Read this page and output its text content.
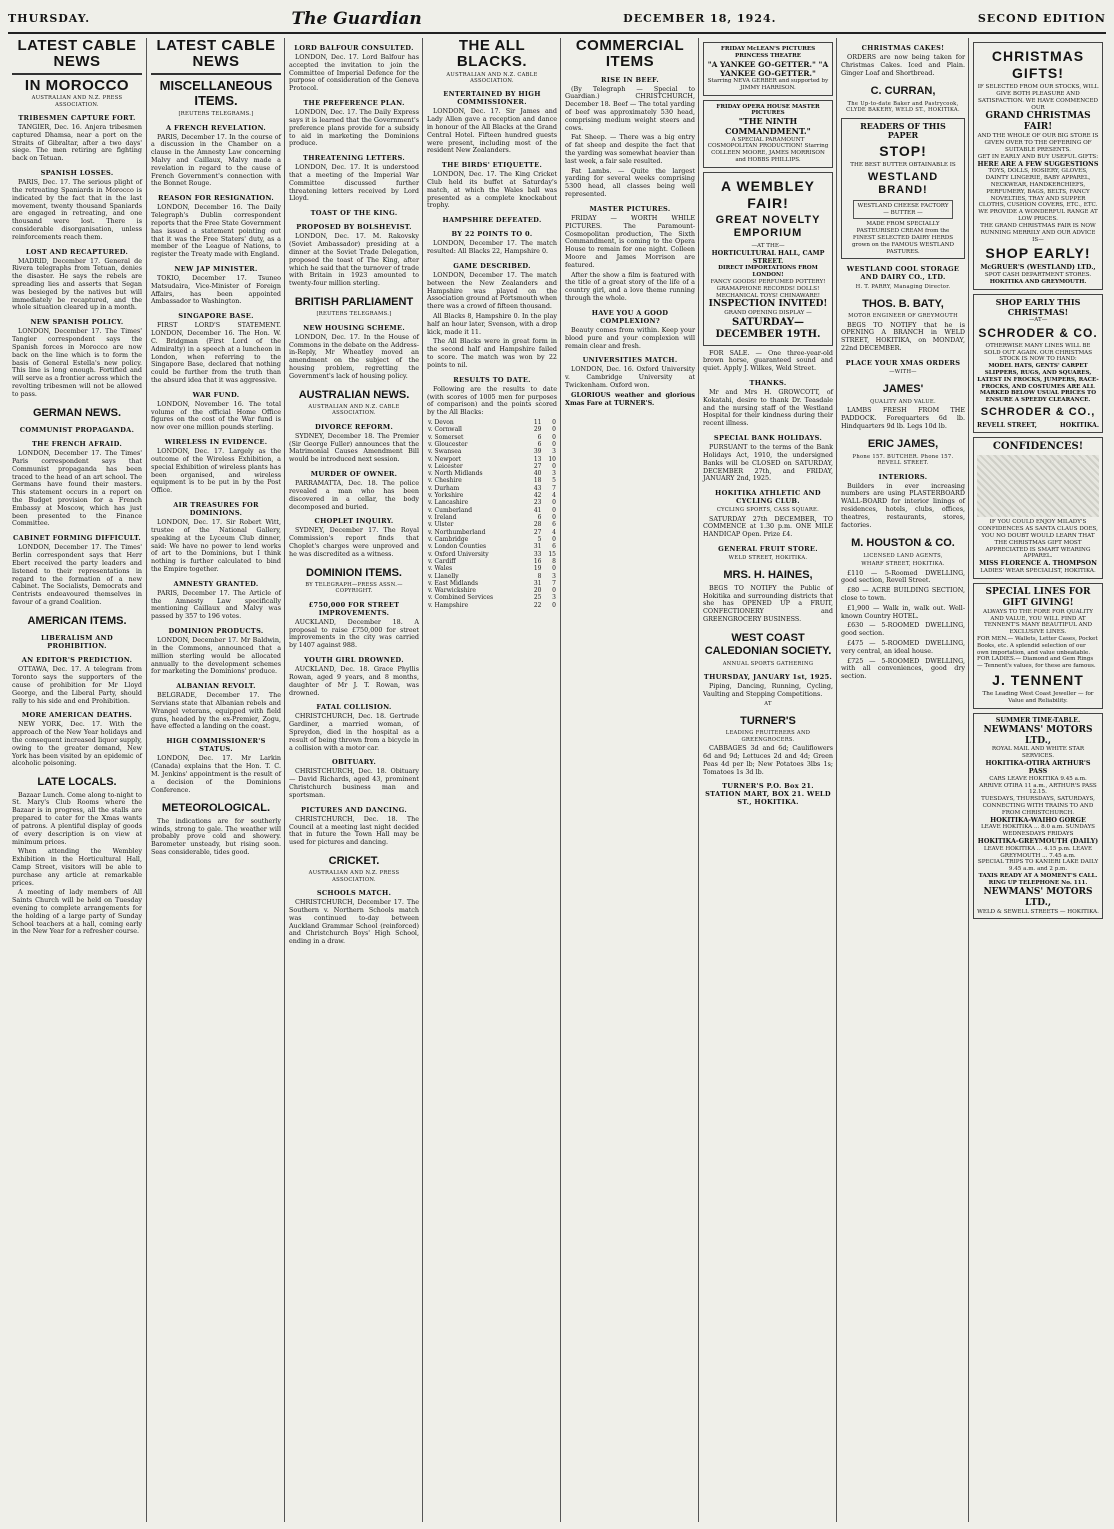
THURSDAY.	The Guardian	DECEMBER 18, 1924.	SECOND EDITION
LATEST CABLE NEWS
IN MOROCCO
AUSTRALIAN AND N.Z. PRESS ASSOCIATION.
TRIBESMEN CAPTURE FORT.

TANGIER, Dec. 16. Anjera tribesmen captured Dhamsa, near a port on the Straits of Gibraltar, after a two days' siege. The men retiring are fighting back on Tetuan.

SPANISH LOSSES.

PARIS, Dec. 17. The serious plight of the retreating Spaniards in Morocco is indicated by the fact that in the last movement, twenty thousand Spaniards are engaged in retreating, and one thousand were lost. There is considerable disorganisation, unless reinforcements reach them.

LOST AND RECAPTURED.

MADRID, December 17. General de Rivera telegraphs from Tetuan, denies the disaster. He says the rebels are spreading lies and asserts that Segan was besieged by the natives but will immediately be recaptured, and the whole situation cleared up in a month.

NEW SPANISH POLICY.

LONDON, December 17. The Times' Tangier correspondent says the Spanish forces in Morocco are now back on the line which is to form the basis of General Estella's new policy. This line is long enough. Fortified and will serve as a frontier across which the revolting tribesmen will not be allowed to pass.

GERMAN NEWS.
COMMUNIST PROPAGANDA.
THE FRENCH AFRAID.

LONDON, December 17. The Times' Paris correspondent says that Communist propaganda has been traced to the head of an art school. The Germans have found their masters. This statement occurs in a report on the Budget provision for a French Embassy at Moscow, which has just been presented to the Finance Committee.

CABINET FORMING DIFFICULT.

LONDON, December 17. The Times' Berlin correspondent says that Herr Ebert received the party leaders and listened to their representations in regard to the formation of a new Cabinet. The Socialists, Democrats and Centrists endeavoured themselves in favour of a grand Coalition.

AMERICAN ITEMS.
LIBERALISM AND PROHIBITION.
AN EDITOR'S PREDICTION.

OTTAWA, Dec. 17. A telegram from Toronto says the supporters of the cause of prohibition for Mr Lloyd George, and the Liberal Party, should rally to his side and end Prohibition.

MORE AMERICAN DEATHS.

NEW YORK, Dec. 17. With the approach of the New Year holidays and the consequent increased liquor supply, owing to the greater demand, New York has been visited by an epidemic of alcoholic poisoning.

LATE LOCALS.

Bazaar Lunch. Come along to-night to St. Mary's Club Rooms where the Bazaar is in progress, all the stalls are prepared to cater for the Xmas wants of patrons. A plentiful display of goods of every description is on view at minimum prices.

When attending the Wembley Exhibition in the Horticultural Hall, Camp Street, visitors will be able to purchase any article at remarkable prices.

A meeting of lady members of All Saints Church will be held on Tuesday evening to complete arrangements for the holding of a large party of Sunday School teachers at a hall, coming early in the New Year for a refresher course.

LATEST CABLE NEWS
MISCELLANEOUS ITEMS.
[REUTERS TELEGRAMS.]
A FRENCH REVELATION.

PARIS, December 17. In the course of a discussion in the Chamber on a clause in the Amnesty Law concerning Malvy and Caillaux, Malvy made a revelation in regard to the cause of French Government's connection with the Bonnet Rouge.

REASON FOR RESIGNATION.

LONDON, December 16. The Daily Telegraph's Dublin correspondent reports that the Free State Government has issued a statement pointing out that it was the Free Staters' duty, as a member of the League of Nations, to register the Treaty made with England.

NEW JAP MINISTER.

TOKIO, December 17. Tsuneo Matsudaira, Vice-Minister of Foreign Affairs, has been appointed Ambassador to Washington.

SINGAPORE BASE.

FIRST LORD'S STATEMENT. LONDON, December 16. The Hon. W. C. Bridgman (First Lord of the Admiralty) in a speech at a luncheon in London, when referring to the Singapore Base, declared that nothing could be further from the truth than the absurd idea that it was aggressive.

WAR FUND.

LONDON, November 16. The total volume of the official Home Office figures on the cost of the War fund is now over one million pounds sterling.

WIRELESS IN EVIDENCE.

LONDON, Dec. 17. Largely as the outcome of the Wireless Exhibition, a special Exhibition of wireless plants has been organised, and wireless equipment is to be put in by the Post Office.

AIR TREASURES FOR DOMINIONS.

LONDON, Dec. 17. Sir Robert Witt, trustee of the National Gallery, speaking at the Lyceum Club dinner, said: We have no power to lend works of art to the Dominions, but I think nothing is further calculated to bind the Empire together.

AMNESTY GRANTED.

PARIS, December 17. The Article of the Amnesty Law specifically mentioning Caillaux and Malvy was passed by 357 to 196 votes.

DOMINION PRODUCTS.

LONDON, December 17. Mr Baldwin, in the Commons, announced that a million sterling would be allocated annually to the development schemes for marketing the Dominions' produce.

ALBANIAN REVOLT.

BELGRADE, December 17. The Servians state that Albanian rebels and Wrangel veterans, equipped with field guns, headed by the ex-Premier, Zogu, have effected a landing on the coast.

HIGH COMMISSIONER'S STATUS.

LONDON, Dec. 17. Mr Larkin (Canada) explains that the Hon. T. C. M. Jenkins' appointment is the result of a decision of the Dominions Conference.

METEOROLOGICAL.

The indications are for southerly winds, strong to gale. The weather will probably prove cold and showery. Barometer unsteady, but rising soon. Seas considerable, tides good.

LORD BALFOUR CONSULTED.

LONDON, Dec. 17. Lord Balfour has accepted the invitation to join the Committee of Imperial Defence for the purpose of consideration of the Geneva Protocol.

THE PREFERENCE PLAN.

LONDON, Dec. 17. The Daily Express says it is learned that the Government's preference plans provide for a subsidy to aid in marketing the Dominions produce.

THREATENING LETTERS.

LONDON, Dec. 17. It is understood that a meeting of the Imperial War Committee discussed further threatening letters received by Lord Lloyd.

TOAST OF THE KING.
PROPOSED BY BOLSHEVIST.

LONDON, Dec. 17. M. Rakovsky (Soviet Ambassador) presiding at a dinner at the Soviet Trade Delegation, proposed the toast of The King, after which he said that the turnover of trade with Britain in 1923 amounted to twenty-four million sterling.

BRITISH PARLIAMENT
[REUTERS TELEGRAMS.]
NEW HOUSING SCHEME.

LONDON, Dec. 17. In the House of Commons in the debate on the Address-in-Reply, Mr Wheatley moved an amendment on the subject of the housing problem, regretting the Government's lack of housing policy.

AUSTRALIAN NEWS.
AUSTRALIAN AND N.Z. CABLE ASSOCIATION.
DIVORCE REFORM.

SYDNEY, December 18. The Premier (Sir George Fuller) announces that the Matrimonial Causes Amendment Bill would be introduced next session.

MURDER OF OWNER.

PARRAMATTA, Dec. 18. The police revealed a man who has been discovered in a cellar, the body decomposed and buried.

CHOPLET INQUIRY.

SYDNEY, December 17. The Royal Commission's report finds that Choplet's charges were unproved and he was discredited as a witness.

DOMINION ITEMS.
BY TELEGRAPH—PRESS ASSN.—COPYRIGHT.
£750,000 FOR STREET IMPROVEMENTS.

AUCKLAND, December 18. A proposal to raise £750,000 for street improvements in the city was carried by 1407 against 988.

YOUTH GIRL DROWNED.

AUCKLAND, Dec. 18. Grace Phyllis Rowan, aged 9 years, and 8 months, daughter of Mr J. T. Rowan, was drowned.

FATAL COLLISION.

CHRISTCHURCH, Dec. 18. Gertrude Gardiner, a married woman, of Spreydon, died in the hospital as a result of being thrown from a bicycle in a collision with a motor car.

OBITUARY.

CHRISTCHURCH, Dec. 18. Obituary — David Richards, aged 43, prominent Christchurch business man and sportsman.

PICTURES AND DANCING.

CHRISTCHURCH, Dec. 18. The Council at a meeting last night decided that in future the Town Hall may be used for pictures and dancing.

CRICKET.
AUSTRALIAN AND N.Z. PRESS ASSOCIATION.
SCHOOLS MATCH.

CHRISTCHURCH, December 17. The Southern v. Northern Schools match was continued to-day between Auckland Grammar School (reinforced) and Christchurch Boys' High School, ending in a draw.

THE ALL BLACKS.
AUSTRALIAN AND N.Z. CABLE ASSOCIATION.
ENTERTAINED BY HIGH COMMISSIONER.

LONDON, Dec. 17. Sir James and Lady Allen gave a reception and dance in honour of the All Blacks at the Grand Central Hotel. Fifteen hundred guests were present, including most of the resident New Zealanders.

THE BIRDS' ETIQUETTE.

LONDON, Dec. 17. The King Cricket Club held its buffet at Saturday's match, at which the Wales ball was presented as a complete knockabout trophy.

HAMPSHIRE DEFEATED.
BY 22 POINTS TO 0.

LONDON, December 17. The match resulted: All Blacks 22, Hampshire 0.

GAME DESCRIBED.

LONDON, December 17. The match between the New Zealanders and Hampshire was played on the Association ground at Portsmouth when there was a crowd of fifteen thousand.

All Blacks 8, Hampshire 0. In the play half an hour later, Svenson, with a drop kick, made it 11.

The All Blacks were in great form in the second half and Hampshire failed to score. The match was won by 22 points to nil.

RESULTS TO DATE.

Following are the results to date (with scores of 1005 men for purposes of comparison) and the points scored by the All Blacks:

v. Devon	11	0
v. Cornwall	29	0
v. Somerset	6	0
v. Gloucester	6	0
v. Swansea	39	3
v. Newport	13	10
v. Leicester	27	0
v. North Midlands	40	3
v. Cheshire	18	5
v. Durham	43	7
v. Yorkshire	42	4
v. Lancashire	23	0
v. Cumberland	41	0
v. Ireland	6	0
v. Ulster	28	6
v. Northumberland	27	4
v. Cambridge	5	0
v. London Counties	31	6
v. Oxford University	33	15
v. Cardiff	16	8
v. Wales	19	0
v. Llanelly	8	3
v. East Midlands	31	7
v. Warwickshire	20	0
v. Combined Services	25	3
v. Hampshire	22	0
COMMERCIAL ITEMS
RISE IN BEEF.

(By Telegraph — Special to Guardian.) CHRISTCHURCH, December 18. Beef — The total yarding of beef was approximately 530 head, comprising medium weight steers and cows.

Fat Sheep. — There was a big entry of fat sheep and despite the fact that the yarding was somewhat heavier than last week, a fair sale resulted.

Fat Lambs. — Quite the largest yarding for several weeks comprising 5300 head, all classes being well represented.

MASTER PICTURES.

FRIDAY — WORTH WHILE PICTURES. The Paramount-Cosmopolitan production, The Sixth Commandment, is coming to the Opera House to remain for one night. Colleen Moore and James Morrison are featured.

After the show a film is featured with the title of a great story of the life of a country girl, and a love theme running through the whole.

HAVE YOU A GOOD COMPLEXION?

Beauty comes from within. Keep your blood pure and your complexion will remain clear and fresh.

UNIVERSITIES MATCH.

LONDON, Dec. 16. Oxford University v. Cambridge University at Twickenham. Oxford won.

GLORIOUS weather and glorious Xmas Fare at TURNER'S.

FRIDAY McLEAN'S PICTURES PRINCESS THEATRE
"A YANKEE GO-GETTER." "A YANKEE GO-GETTER."
Starring NEVA GERBER and supported by JIMMY HARRISON.
FRIDAY OPERA HOUSE MASTER PICTURES
"THE NINTH COMMANDMENT."
A SPECIAL PARAMOUNT COSMOPOLITAN PRODUCTION! Starring COLLEEN MOORE, JAMES MORRISON and HOBBS PHILLIPS.
A WEMBLEY FAIR!
GREAT NOVELTY EMPORIUM
—AT THE—
HORTICULTURAL HALL, CAMP STREET.
DIRECT IMPORTATIONS FROM LONDON!
FANCY GOODS! PERFUMED POTTERY! GRAMAPHONE RECORDS! DOLLS! MECHANICAL TOYS! CHINAWARE!
INSPECTION INVITED!
GRAND OPENING DISPLAY —
SATURDAY—DECEMBER 19TH.

FOR SALE. — One three-year-old brown horse, guaranteed sound and quiet. Apply J. Wilkes, Weld Street.

THANKS.

Mr and Mrs H. GROWCOTT, of Kokatahi, desire to thank Dr. Teasdale and the nursing staff of the Westland Hospital for their kindness during their recent illness.

SPECIAL BANK HOLIDAYS.

PURSUANT to the terms of the Bank Holidays Act, 1910, the undersigned Banks will be CLOSED on SATURDAY, DECEMBER 27th, and FRIDAY, JANUARY 2nd, 1925.

HOKITIKA ATHLETIC AND CYCLING CLUB.
CYCLING SPORTS, CASS SQUARE.

SATURDAY 27th DECEMBER, TO COMMENCE at 1.30 p.m. ONE MILE HANDICAP Open. Prize £4.

GENERAL FRUIT STORE.
WELD STREET, HOKITIKA.
MRS. H. HAINES,

BEGS TO NOTIFY the Public of Hokitika and surrounding districts that she has OPENED UP a FRUIT, CONFECTIONERY and GREENGROCERY BUSINESS.

WEST COAST CALEDONIAN SOCIETY.
ANNUAL SPORTS GATHERING
THURSDAY, JANUARY 1st, 1925.

Piping, Dancing, Running, Cycling, Vaulting and Stepping Competitions.

AT
TURNER'S
LEADING FRUITERERS AND GREENGROCERS.

CABBAGES 3d and 6d; Cauliflowers 6d and 9d; Lettuces 2d and 4d; Green Peas 4d per lb; New Potatoes 3lbs 1s; Tomatoes 1s 3d lb.

TURNER'S P.O. Box 21. STATION MART, BOX 21. WELD ST., HOKITIKA.
CHRISTMAS CAKES!

ORDERS are now being taken for Christmas Cakes. Iced and Plain. Ginger Loaf and Shortbread.

C. CURRAN,
The Up-to-date Baker and Pastrycook, CLYDE BAKERY, WELD ST., HOKITIKA.
READERS OF THIS PAPER
STOP!
THE BEST BUTTER OBTAINABLE IS
WESTLAND BRAND!
WESTLAND CHEESE FACTORY — BUTTER —
MADE FROM SPECIALLY PASTEURISED CREAM from the FINEST SELECTED DAIRY HERDS grown on the FAMOUS WESTLAND PASTURES.
WESTLAND COOL STORAGE AND DAIRY CO., LTD.
H. T. PARRY, Managing Director.
THOS. B. BATY,
MOTOR ENGINEER OF GREYMOUTH

BEGS TO NOTIFY that he is OPENING A BRANCH in WELD STREET, HOKITIKA, on MONDAY, 22nd DECEMBER.

PLACE YOUR XMAS ORDERS
—WITH—
JAMES'
QUALITY AND VALUE.

LAMBS FRESH FROM THE PADDOCK. Forequarters 6d lb. Hindquarters 9d lb. Legs 10d lb.

ERIC JAMES,
Phone 157. BUTCHER. Phone 157. REVELL STREET.
INTERIORS.

Builders in ever increasing numbers are using PLASTERBOARD WALL-BOARD for interior linings of residences, hotels, clubs, offices, theatres, restaurants, stores, factories.

M. HOUSTON & CO.
LICENSED LAND AGENTS,
WHARF STREET, HOKITIKA.

£110 — 5-Roomed DWELLING, good section, Revell Street.

£80 — ACRE BUILDING SECTION, close to town.

£1,900 — Walk in, walk out. Well-known Country HOTEL.

£630 — 5-ROOMED DWELLING, good section.

£475 — 5-ROOMED DWELLING, very central, an ideal house.

£725 — 5-ROOMED DWELLING, with all conveniences, good dry section.

CHRISTMAS GIFTS!
IF SELECTED FROM OUR STOCKS, WILL GIVE BOTH PLEASURE AND SATISFACTION. WE HAVE COMMENCED OUR
GRAND CHRISTMAS FAIR!
AND THE WHOLE OF OUR BIG STORE IS GIVEN OVER TO THE OFFERING OF SUITABLE PRESENTS.
GET IN EARLY AND BUY USEFUL GIFTS:
HERE ARE A FEW SUGGESTIONS
TOYS, DOLLS, HOSIERY, GLOVES, DAINTY LINGERIE, BABY APPAREL, NECKWEAR, HANDKERCHIEFS, PERFUMERY, BAGS, BELTS, FANCY NOVELTIES, TRAY AND SUPPER CLOTHS, CUSHION COVERS, ETC., ETC.
WE PROVIDE A WONDERFUL RANGE AT LOW PRICES.
THE GRAND CHRISTMAS FAIR IS NOW RUNNING MERRILY AND OUR ADVICE IS—
SHOP EARLY!
McGRUER'S (WESTLAND) LTD.,
SPOT CASH DEPARTMENT STORES.
HOKITIKA AND GREYMOUTH.
SHOP EARLY THIS CHRISTMAS!
—AT—
SCHRODER & CO.
OTHERWISE MANY LINES WILL BE SOLD OUT AGAIN. OUR CHRISTMAS STOCK IS NOW TO HAND:
MODEL HATS, GENTS' CARPET SLIPPERS, RUGS, AND SQUARES, LATEST IN FROCKS, JUMPERS, RACE-FROCKS, AND COSTUMES ARE ALL MARKED BELOW USUAL PRICES TO ENSURE A SPEEDY CLEARANCE.
SCHRODER & CO.,
REVELL STREET,	HOKITIKA.
CONFIDENCES!
IF YOU COULD ENJOY MILADY'S CONFIDENCES AS SANTA CLAUS DOES, YOU NO DOUBT WOULD LEARN THAT THE CHRISTMAS GIFT MOST APPRECIATED IS SMART WEARING APPAREL.
MISS FLORENCE A. THOMPSON
LADIES' WEAR SPECIALIST, HOKITIKA.
SPECIAL LINES FOR GIFT GIVING!
ALWAYS TO THE FORE FOR QUALITY AND VALUE, YOU WILL FIND AT TENNENT'S MANY BEAUTIFUL AND EXCLUSIVE LINES.
FOR MEN.— Wallets, Letter Cases, Pocket Books, etc. A splendid selection of our own importation, and value unbeatable.
FOR LADIES.— Diamond and Gem Rings — Tennent's values, for these are famous.
J. TENNENT
The Leading West Coast Jeweller — for Value and Reliability.
SUMMER TIME-TABLE.
NEWMANS' MOTORS LTD.,
ROYAL MAIL AND WHITE STAR SERVICES.
HOKITIKA-OTIRA ARTHUR'S PASS
CARS LEAVE HOKITIKA 9.45 a.m. ARRIVE OTIRA 11 a.m., ARTHUR'S PASS 12.15.
TUESDAYS, THURSDAYS, SATURDAYS, CONNECTING WITH TRAINS TO AND FROM CHRISTCHURCH.
HOKITIKA-WAIHO GORGE
LEAVE HOKITIKA ... 8.0 a.m. SUNDAYS WEDNESDAYS FRIDAYS
HOKITIKA-GREYMOUTH (DAILY)
LEAVE HOKITIKA ... 4.15 p.m. LEAVE GREYMOUTH ... 7.45 a.m.
SPECIAL TRIPS TO KANIERI LAKE DAILY 9.45 a.m. and 2 p.m.
TAXIS READY AT A MOMENT'S CALL. RING UP TELEPHONE No. 111.
NEWMANS' MOTORS LTD.,
WELD & SEWELL STREETS — HOKITIKA.
